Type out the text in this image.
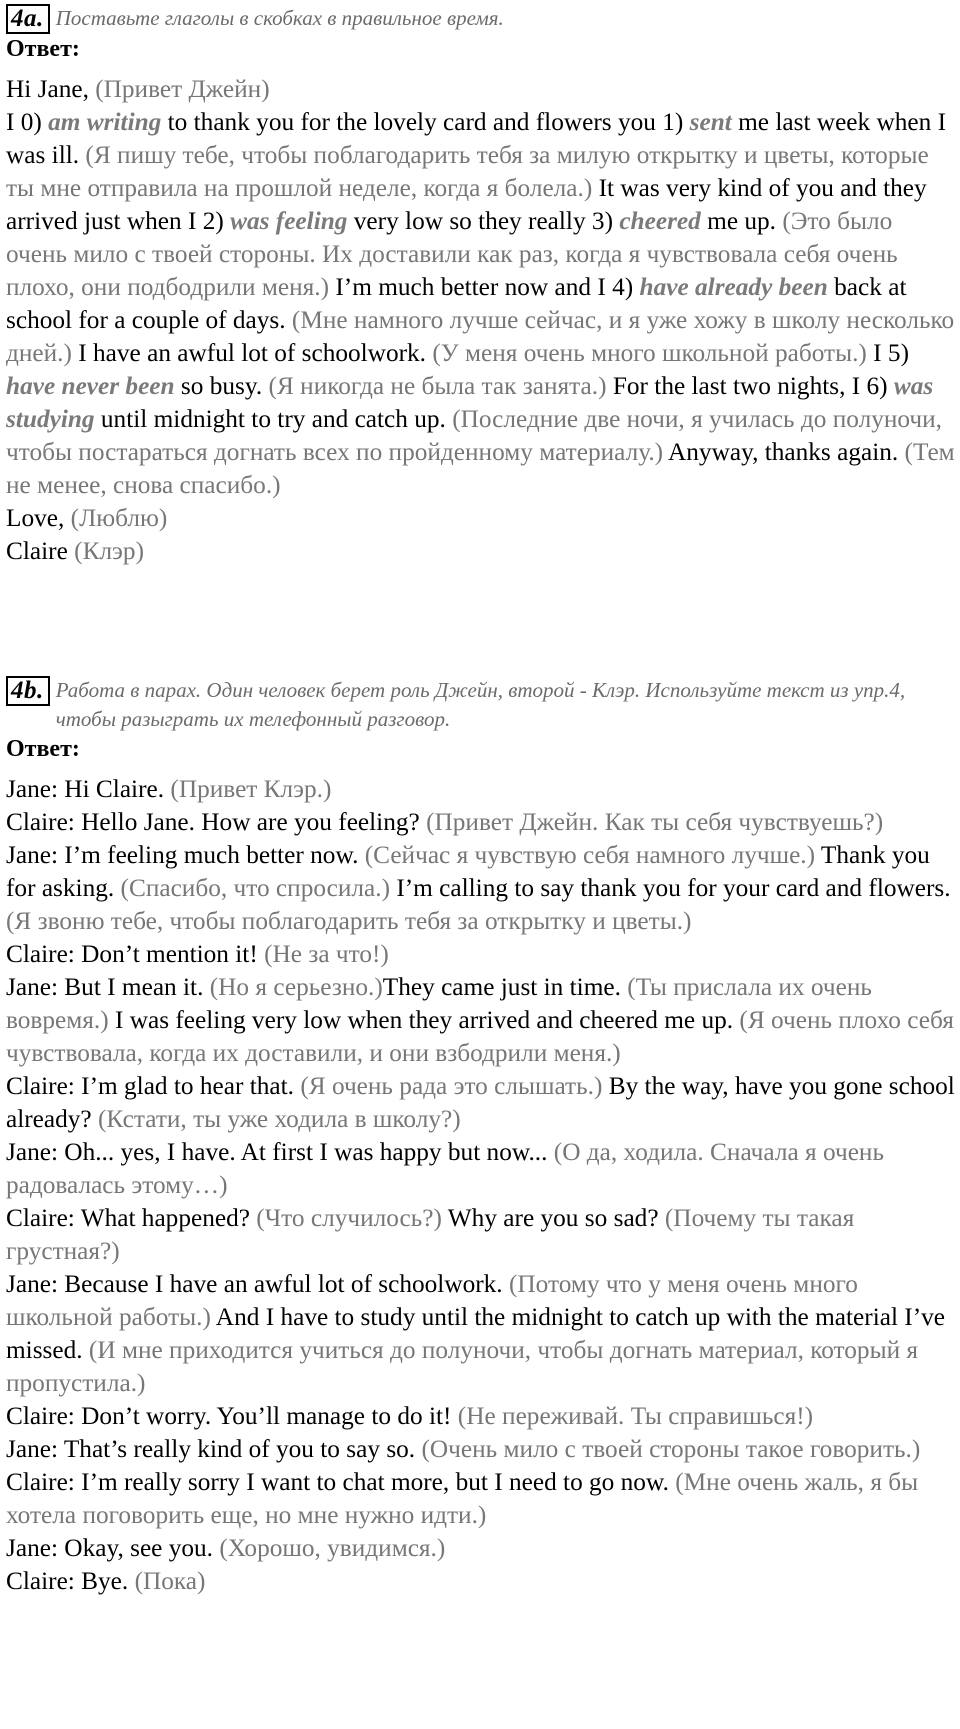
4a. Поставьте глаголы в скобках в правильное время.
Ответ:
Hi Jane, (Привет Джейн)
I 0) am writing to thank you for the lovely card and flowers you 1) sent me last week when I was ill. (Я пишу тебе, чтобы поблагодарить тебя за милую открытку и цветы, которые ты мне отправила на прошлой неделе, когда я болела.) It was very kind of you and they arrived just when I 2) was feeling very low so they really 3) cheered me up. (Это было очень мило с твоей стороны. Их доставили как раз, когда я чувствовала себя очень плохо, они подбодрили меня.) I’m much better now and I 4) have already been back at school for a couple of days. (Мне намного лучше сейчас, и я уже хожу в школу несколько дней.) I have an awful lot of schoolwork. (У меня очень много школьной работы.) I 5) have never been so busy. (Я никогда не была так занята.) For the last two nights, I 6) was studying until midnight to try and catch up. (Последние две ночи, я училась до полуночи, чтобы постараться догнать всех по пройденному материалу.) Anyway, thanks again. (Тем не менее, снова спасибо.)
Love, (Люблю)
Claire (Клэр)
4b. Работа в парах. Один человек берет роль Джейн, второй - Клэр. Используйте текст из упр.4, чтобы разыграть их телефонный разговор.
Ответ:
Jane: Hi Claire. (Привет Клэр.)
Claire: Hello Jane. How are you feeling? (Привет Джейн. Как ты себя чувствуешь?)
Jane: I’m feeling much better now. (Сейчас я чувствую себя намного лучше.) Thank you for asking. (Спасибо, что спросила.) I’m calling to say thank you for your card and flowers. (Я звоню тебе, чтобы поблагодарить тебя за открытку и цветы.)
Claire: Don’t mention it! (Не за что!)
Jane: But I mean it. (Но я серьезно.)They came just in time. (Ты прислала их очень вовремя.) I was feeling very low when they arrived and cheered me up. (Я очень плохо себя чувствовала, когда их доставили, и они взбодрили меня.)
Claire: I’m glad to hear that. (Я очень рада это слышать.) By the way, have you gone school already? (Кстати, ты уже ходила в школу?)
Jane: Oh... yes, I have. At first I was happy but now... (О да, ходила. Сначала я очень радовалась этому…)
Claire: What happened? (Что случилось?) Why are you so sad? (Почему ты такая грустная?)
Jane: Because I have an awful lot of schoolwork. (Потому что у меня очень много школьной работы.) And I have to study until the midnight to catch up with the material I’ve missed. (И мне приходится учиться до полуночи, чтобы догнать материал, который я пропустила.)
Claire: Don’t worry. You’ll manage to do it! (Не переживай. Ты справишься!)
Jane: That’s really kind of you to say so. (Очень мило с твоей стороны такое говорить.)
Claire: I’m really sorry I want to chat more, but I need to go now. (Мне очень жаль, я бы хотела поговорить еще, но мне нужно идти.)
Jane: Okay, see you. (Хорошо, увидимся.)
Claire: Bye. (Пока)
